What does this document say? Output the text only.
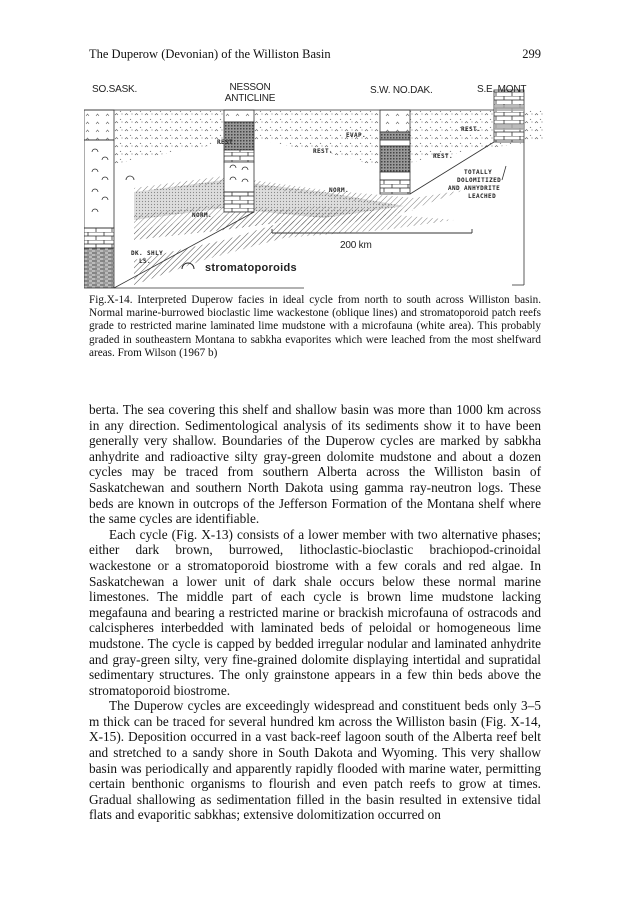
The Duperow (Devonian) of the Williston Basin	299
SO.SASK.	NESSON
ANTICLINE
S.W. NO.DAK.	S.E. MONT
REST.
EVAP.
REST.
REST.
REST.
NORM.
NORM.
DK. SHLY
LS.
TOTALLY
DOLOMITIZED
AND ANHYDRITE
LEACHED
200 km
stromatoporoids
Fig.X-14. Interpreted Duperow facies in ideal cycle from north to south across Williston basin. Normal marine-burrowed bioclastic lime wackestone (oblique lines) and stromatoporoid patch reefs grade to restricted marine laminated lime mudstone with a microfauna (white area). This probably graded in southeastern Montana to sabkha evaporites which were leached from the most shelfward areas. From Wilson (1967 b)

berta. The sea covering this shelf and shallow basin was more than 1000 km across in any direction. Sedimentological analysis of its sediments show it to have been generally very shallow. Boundaries of the Duperow cycles are marked by sabkha anhydrite and radioactive silty gray-green dolomite mudstone and about a dozen cycles may be traced from southern Alberta across the Williston basin of Saskatchewan and southern North Dakota using gamma ray-neutron logs. These beds are known in outcrops of the Jefferson Formation of the Montana shelf where the same cycles are identifiable.

Each cycle (Fig. X-13) consists of a lower member with two alternative phases; either dark brown, burrowed, lithoclastic-bioclastic brachiopod-crinoidal wackestone or a stromatoporoid biostrome with a few corals and red algae. In Saskatchewan a lower unit of dark shale occurs below these normal marine limestones. The middle part of each cycle is brown lime mudstone lacking megafauna and bearing a restricted marine or brackish microfauna of ostracods and calcispheres interbedded with laminated beds of peloidal or homogeneous lime mudstone. The cycle is capped by bedded irregular nodular and laminated anhydrite and gray-green silty, very fine-grained dolomite displaying intertidal and supratidal sedimentary structures. The only grainstone appears in a few thin beds above the stromatoporoid biostrome.

The Duperow cycles are exceedingly widespread and constituent beds only 3–5 m thick can be traced for several hundred km across the Williston basin (Fig. X-14, X-15). Deposition occurred in a vast back-reef lagoon south of the Alberta reef belt and stretched to a sandy shore in South Dakota and Wyoming. This very shallow basin was periodically and apparently rapidly flooded with marine water, permitting certain benthonic organisms to flourish and even patch reefs to grow at times. Gradual shallowing as sedimentation filled in the basin resulted in extensive tidal flats and evaporitic sabkhas; extensive dolomitization occurred on
